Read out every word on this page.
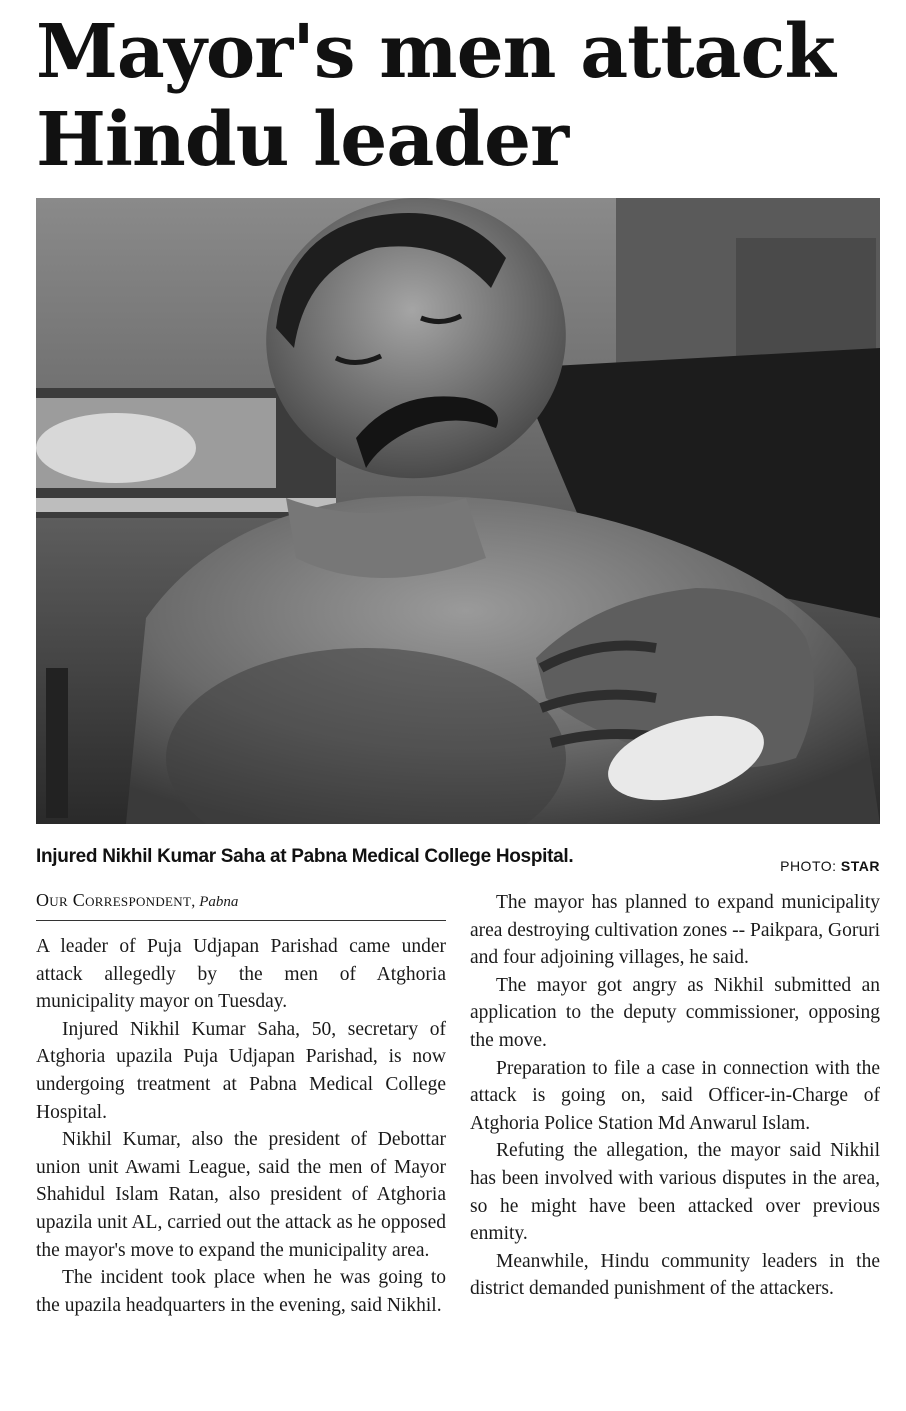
Mayor's men attack
Hindu leader
Injured Nikhil Kumar Saha at Pabna Medical College Hospital.	PHOTO: STAR
Our Correspondent, Pabna

A leader of Puja Udjapan Parishad came under attack allegedly by the men of Atghoria municipality mayor on Tuesday.

Injured Nikhil Kumar Saha, 50, secretary of Atghoria upazila Puja Udjapan Parishad, is now undergoing treatment at Pabna Medical College Hospital.

Nikhil Kumar, also the president of Debottar union unit Awami League, said the men of Mayor Shahidul Islam Ratan, also president of Atghoria upazila unit AL, carried out the attack as he opposed the mayor's move to expand the municipality area.

The incident took place when he was going to the upazila headquarters in the evening, said Nikhil.

The mayor has planned to expand municipality area destroying cultivation zones -- Paikpara, Goruri and four adjoining villages, he said.

The mayor got angry as Nikhil submitted an application to the deputy commissioner, opposing the move.

Preparation to file a case in connection with the attack is going on, said Officer-in-Charge of Atghoria Police Station Md Anwarul Islam.

Refuting the allegation, the mayor said Nikhil has been involved with various disputes in the area, so he might have been attacked over previous enmity.

Meanwhile, Hindu community leaders in the district demanded punishment of the attackers.
